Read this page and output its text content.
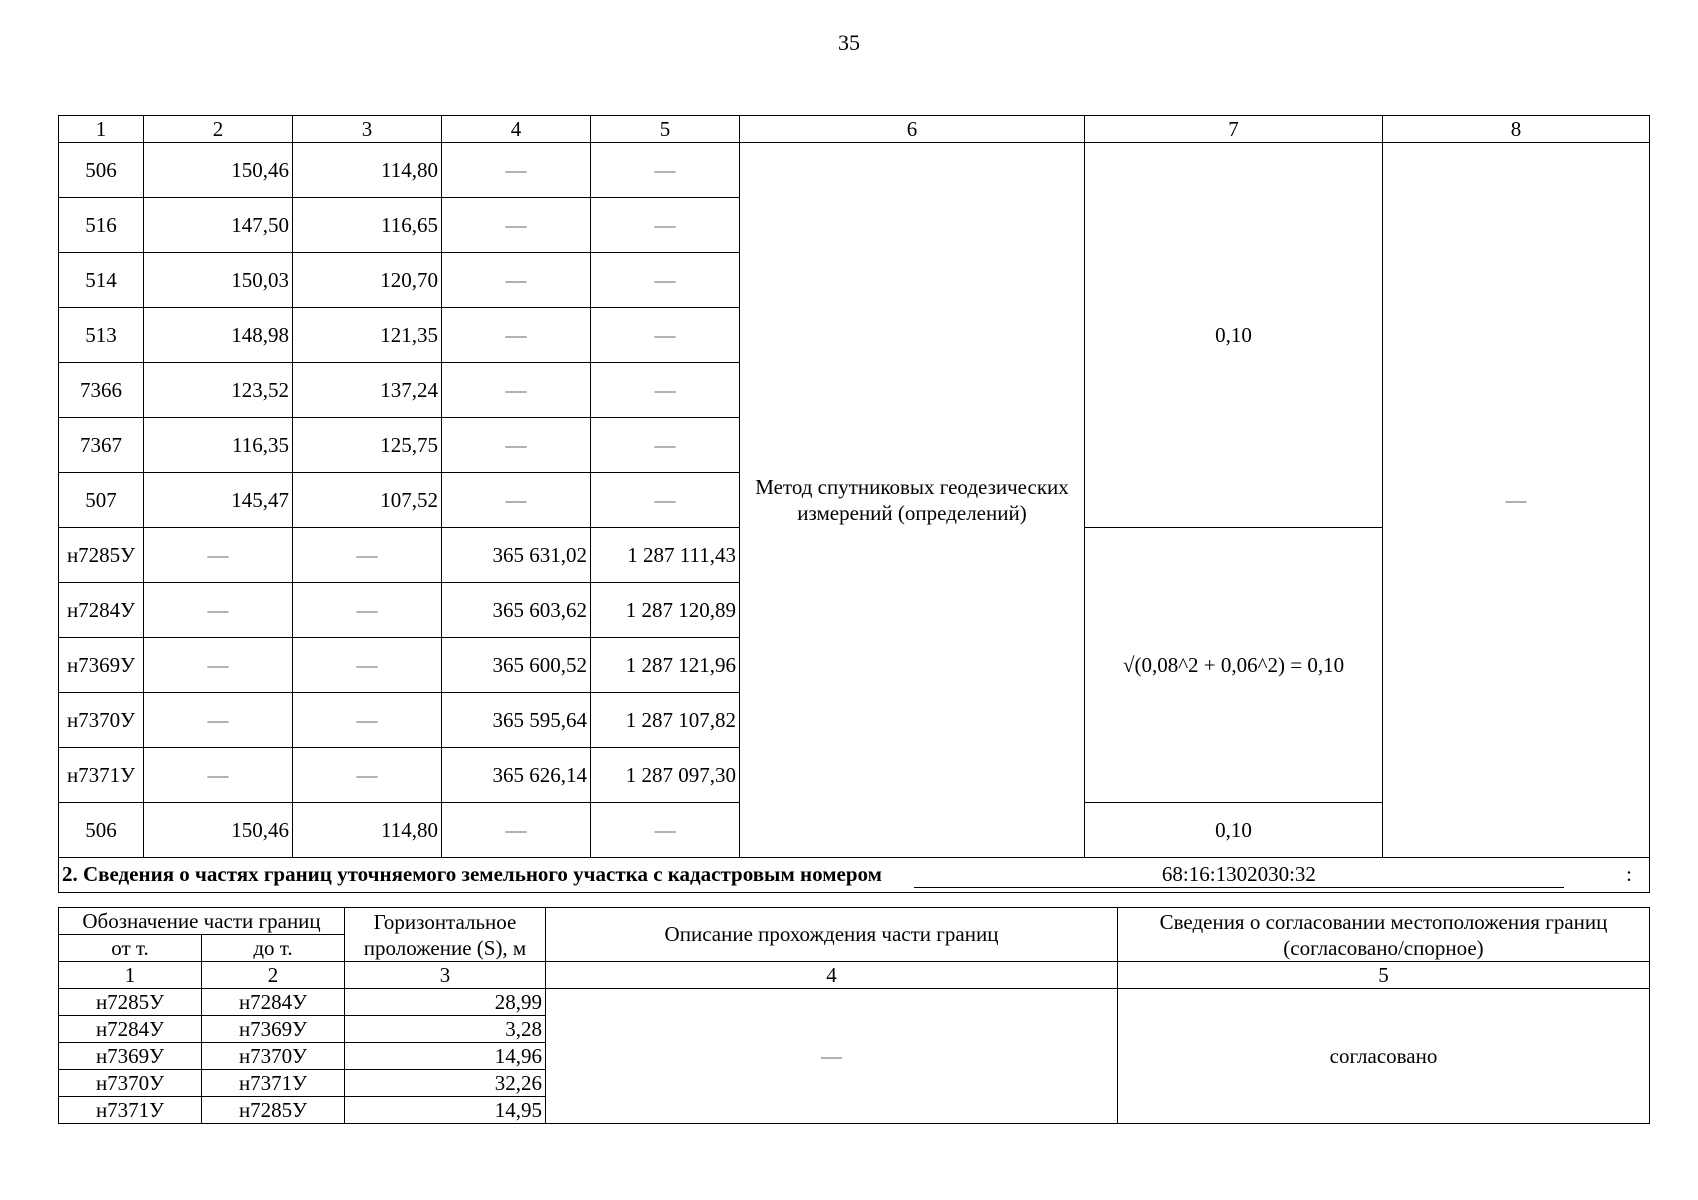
35
1	2	3	4	5	6	7	8
506	150,46	114,80	—	—	Метод спутниковых геодезических измерений (определений)	0,10	—
516	147,50	116,65	—	—			
514	150,03	120,70	—	—			
513	148,98	121,35	—	—			
7366	123,52	137,24	—	—			
7367	116,35	125,75	—	—			
507	145,47	107,52	—	—			
н7285У	—	—	365 631,02	1 287 111,43		√(0,08^2 + 0,06^2) = 0,10	
н7284У	—	—	365 603,62	1 287 120,89			
н7369У	—	—	365 600,52	1 287 121,96			
н7370У	—	—	365 595,64	1 287 107,82			
н7371У	—	—	365 626,14	1 287 097,30			
506	150,46	114,80	—	—		0,10	
2. Сведения о частях границ уточняемого земельного участка с кадастровым номером 68:16:1302030:32 :							
Обозначение части границ		Горизонтальное проложение (S), м	Описание прохождения части границ	Сведения о согласовании местоположения границ (согласовано/спорное)
от т.	до т.			
1	2	3	4	5
н7285У	н7284У	28,99	—	согласовано
н7284У	н7369У	3,28		
н7369У	н7370У	14,96		
н7370У	н7371У	32,26		
н7371У	н7285У	14,95		
